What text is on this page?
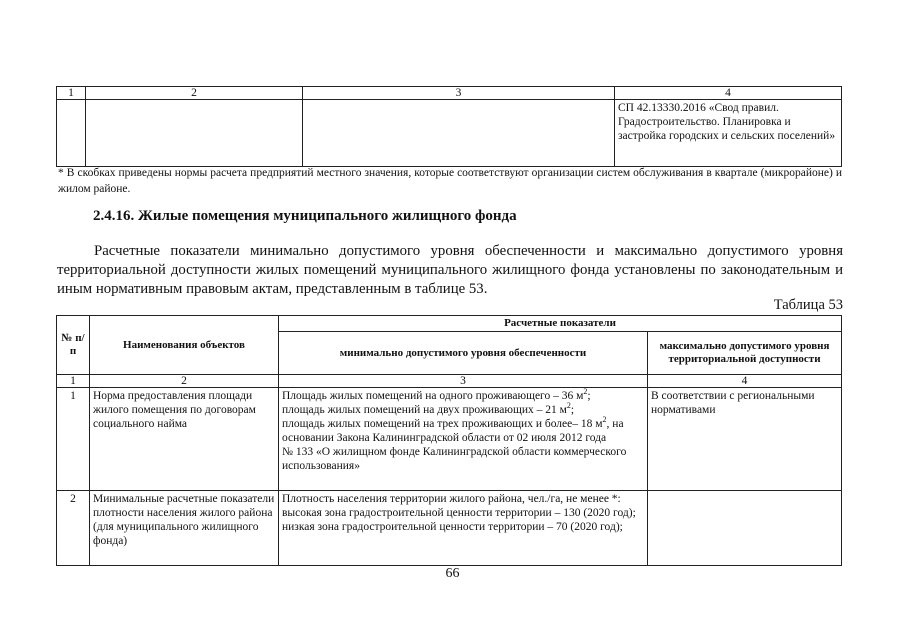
1	2	3	4
			СП 42.13330.2016 «Свод правил. Градостроительство. Планировка и застройка городских и сельских поселений»
* В скобках приведены нормы расчета предприятий местного значения, которые соответствуют организации систем обслуживания в квартале (микрорайоне) и жилом районе.
2.4.16. Жилые помещения муниципального жилищного фонда

Расчетные показатели минимально допустимого уровня обеспеченности и максимально допустимого уровня территориальной доступности жилых помещений муниципального жилищного фонда установлены по законодательным и иным нормативным правовым актам, представленным в таблице 53.

Таблица 53
№ п/п	Наименования объектов	Расчетные показатели	
		минимально допустимого уровня обеспеченности	максимально допустимого уровня территориальной доступности
1	2	3	4
1	Норма предоставления площади жилого помещения по договорам социального найма	Площадь жилых помещений на одного проживающего – 36 $м^2$;
площадь жилых помещений на двух проживающих – 21 $м^2$;
площадь жилых помещений на трех проживающих и более– 18 $м^2$, на
основании Закона Калининградской области от 02 июля 2012 года
№ 133 «О жилищном фонде Калининградской области коммерческого использования»	В соответствии с региональными нормативами
2	Минимальные расчетные показатели плотности населения жилого района (для муниципального жилищного фонда)	Плотность населения территории жилого района, чел./га, не менее *:
высокая зона градостроительной ценности территории – 130 (2020 год);
низкая зона градостроительной ценности территории – 70 (2020 год);	

66
